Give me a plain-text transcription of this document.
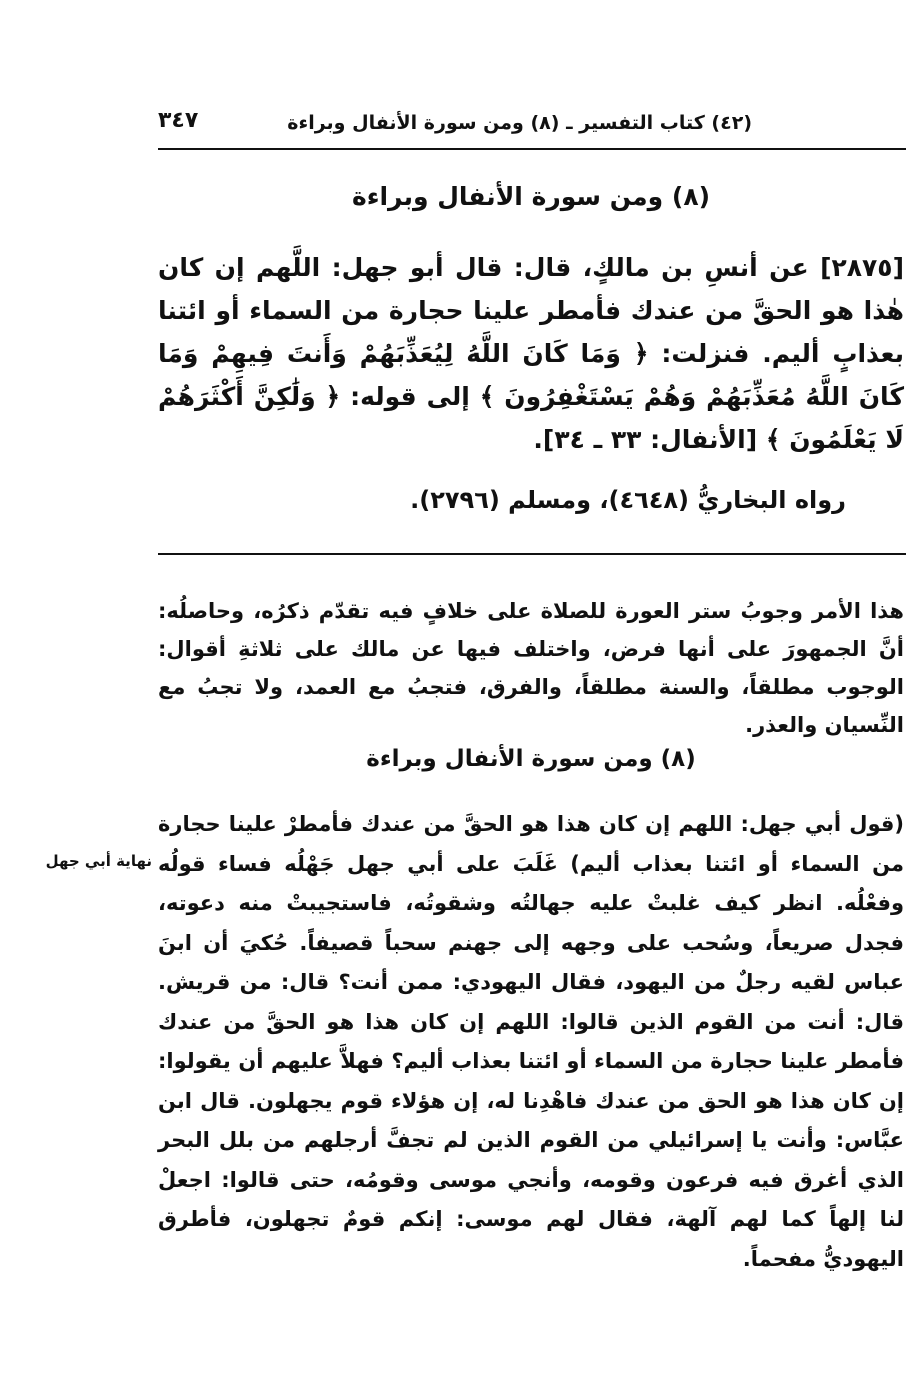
(٤٢) كتاب التفسير ـ (٨) ومن سورة الأنفال وبراءة
٣٤٧
(٨) ومن سورة الأنفال وبراءة
[٢٨٧٥] عن أنسِ بن مالكٍ، قال: قال أبو جهل: اللَّهم إن كان هٰذا هو الحقَّ من عندك فأمطر علينا حجارة من السماء أو ائتنا بعذابٍ أليم. فنزلت: ﴿ وَمَا كَانَ اللَّهُ لِيُعَذِّبَهُمْ وَأَنتَ فِيهِمْ وَمَا كَانَ اللَّهُ مُعَذِّبَهُمْ وَهُمْ يَسْتَغْفِرُونَ ﴾ إلى قوله: ﴿ وَلَٰكِنَّ أَكْثَرَهُمْ لَا يَعْلَمُونَ ﴾ [الأنفال: ٣٣ ـ ٣٤].
رواه البخاريُّ (٤٦٤٨)، ومسلم (٢٧٩٦).
هذا الأمر وجوبُ ستر العورة للصلاة على خلافٍ فيه تقدّم ذكرُه، وحاصلُه: أنَّ الجمهورَ على أنها فرض، واختلف فيها عن مالك على ثلاثةِ أقوال: الوجوب مطلقاً، والسنة مطلقاً، والفرق، فتجبُ مع العمد، ولا تجبُ مع النِّسيان والعذر.
(٨) ومن سورة الأنفال وبراءة
(قول أبي جهل: اللهم إن كان هذا هو الحقَّ من عندك فأمطرْ علينا حجارة من السماء أو ائتنا بعذاب أليم) غَلَبَ على أبي جهل جَهْلُه فساء قولُه وفعْلُه. انظر كيف غلبتْ عليه جهالتُه وشقوتُه، فاستجيبتْ منه دعوته، فجدل صريعاً، وسُحب على وجهه إلى جهنم سحباً قصيفاً. حُكيَ أن ابنَ عباس لقيه رجلٌ من اليهود، فقال اليهودي: ممن أنت؟ قال: من قريش. قال: أنت من القوم الذين قالوا: اللهم إن كان هذا هو الحقَّ من عندك فأمطر علينا حجارة من السماء أو ائتنا بعذاب أليم؟ فهلاَّ عليهم أن يقولوا: إن كان هذا هو الحق من عندك فاهْدِنا له، إن هؤلاء قوم يجهلون. قال ابن عبَّاس: وأنت يا إسرائيلي من القوم الذين لم تجفَّ أرجلهم من بلل البحر الذي أغرق فيه فرعون وقومه، وأنجي موسى وقومُه، حتى قالوا: اجعلْ لنا إلهاً كما لهم آلهة، فقال لهم موسى: إنكم قومٌ تجهلون، فأطرق اليهوديُّ مفحماً.
نهاية أبي جهل
